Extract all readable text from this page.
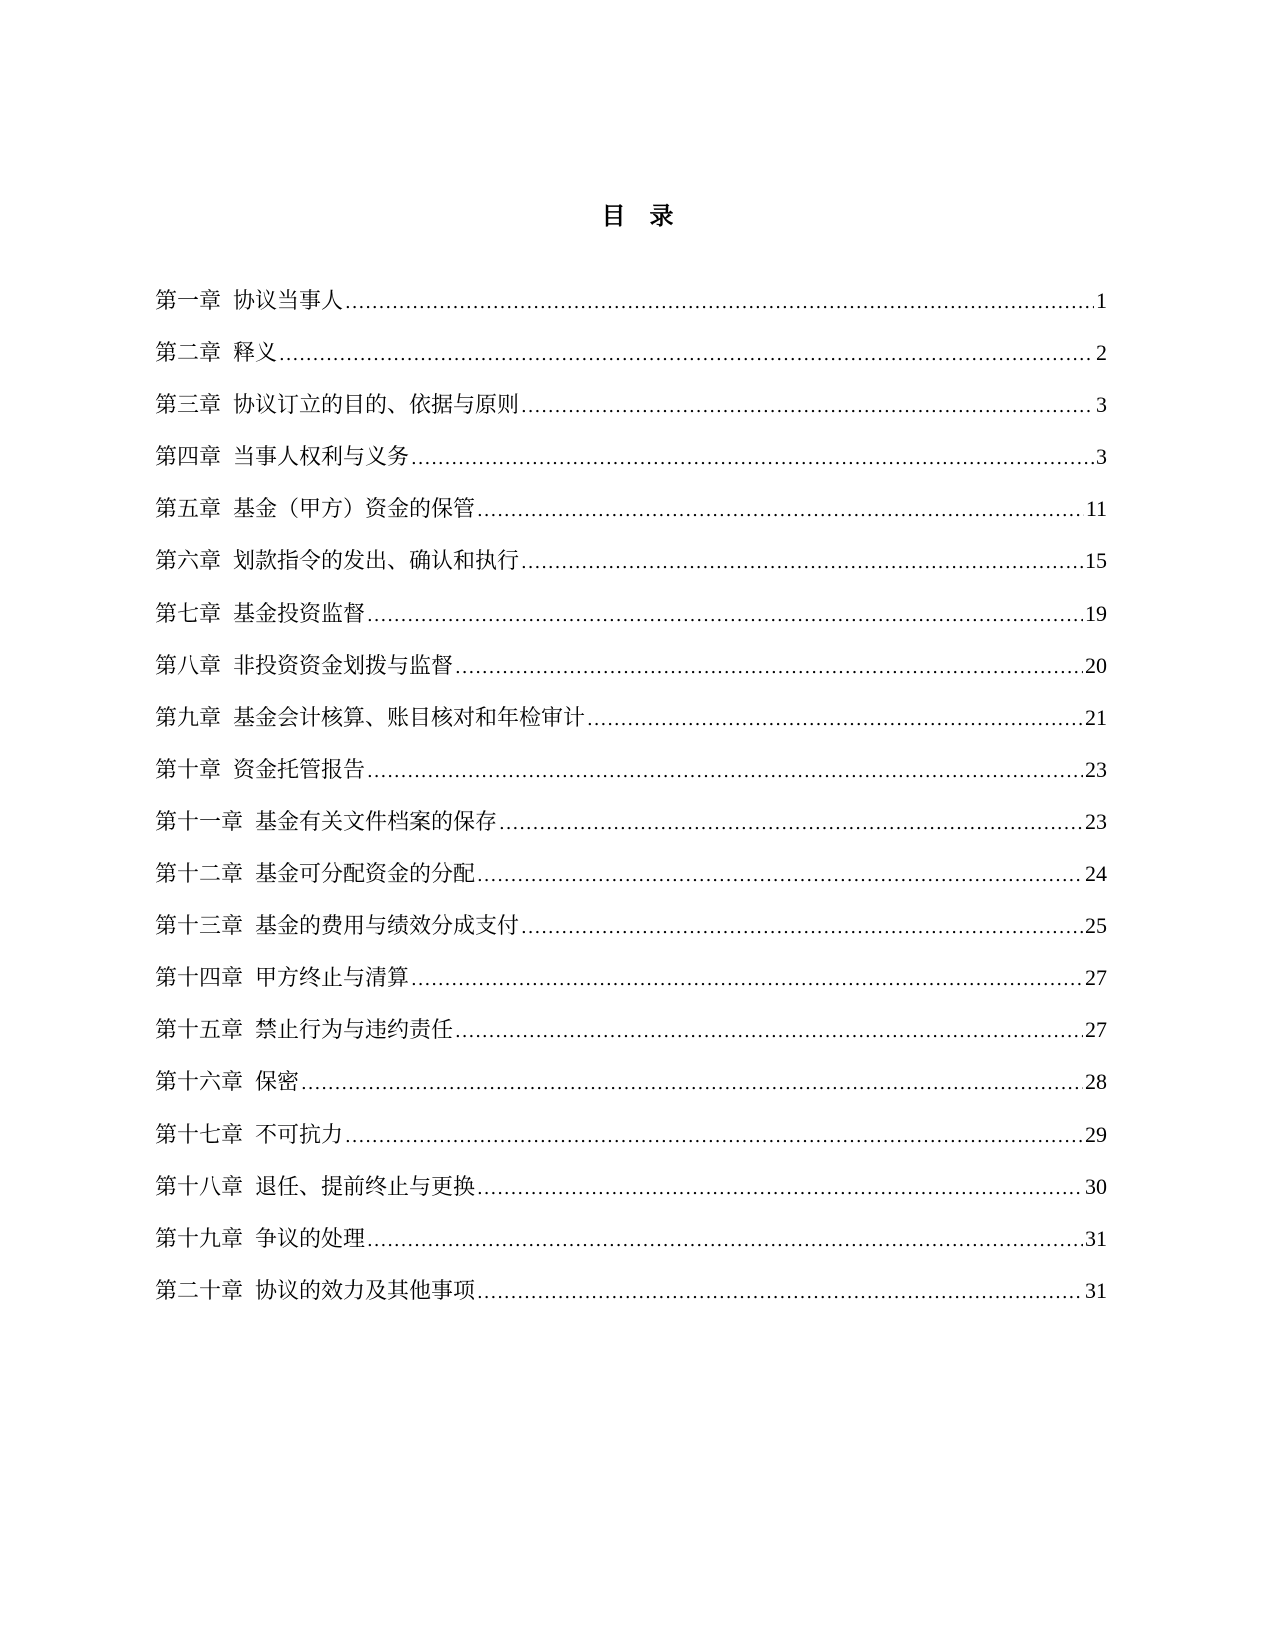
目　录
第一章 协议当事人 .....	1
第二章 释义 .....	2
第三章 协议订立的目的、依据与原则 .....	3
第四章 当事人权利与义务 .....	3
第五章 基金（甲方）资金的保管 .....	11
第六章 划款指令的发出、确认和执行 .....	15
第七章 基金投资监督 .....	19
第八章 非投资资金划拨与监督 .....	20
第九章 基金会计核算、账目核对和年检审计 .....	21
第十章 资金托管报告 .....	23
第十一章 基金有关文件档案的保存 .....	23
第十二章 基金可分配资金的分配 .....	24
第十三章 基金的费用与绩效分成支付 .....	25
第十四章 甲方终止与清算 .....	27
第十五章 禁止行为与违约责任 .....	27
第十六章 保密 .....	28
第十七章 不可抗力 .....	29
第十八章 退任、提前终止与更换 .....	30
第十九章 争议的处理 .....	31
第二十章 协议的效力及其他事项 .....	31
